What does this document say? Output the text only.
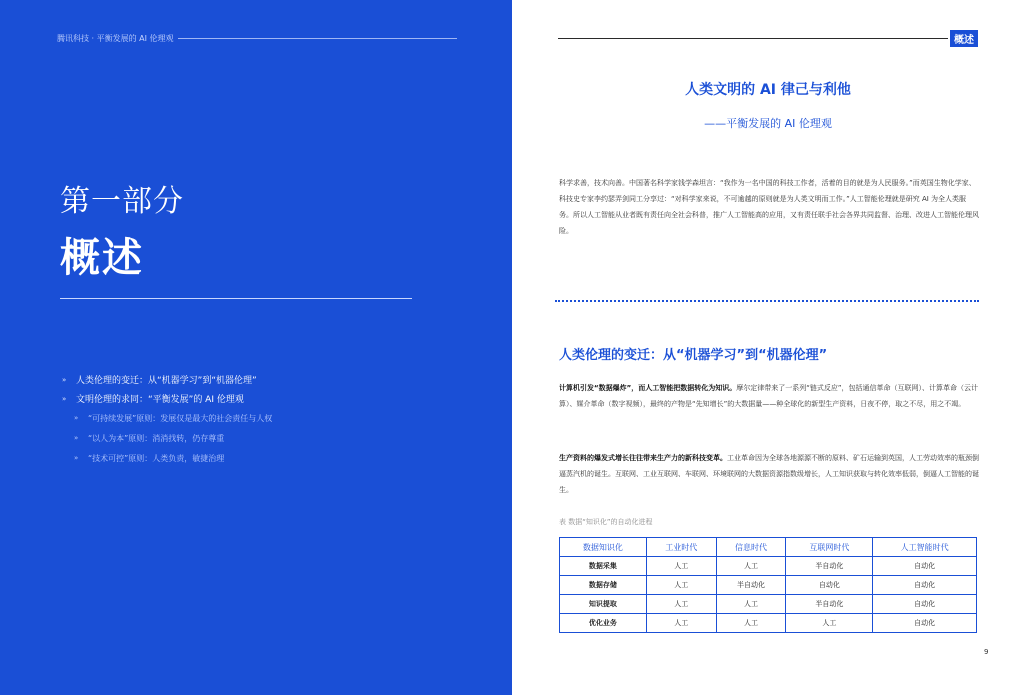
腾讯科技 · 平衡发展的 AI 伦理观
第一部分
概述
»	人类伦理的变迁：从“机器学习”到“机器伦理”
»	文明伦理的求同：“平衡发展”的 AI 伦理观
»	“可持续发展”原则：发展仅是最大的社会责任与人权
»	“以人为本”原则：消消找转，仍存尊重
»	“技术可控”原则：人类负责，敏捷治理
概述
人类文明的 AI 律己与利他
——平衡发展的 AI 伦理观

科学求善，技术向善。中国著名科学家钱学森坦言：“我作为一名中国的科技工作者，活着的目的就是为人民服务。”而英国生物化学家、科技史专家李约瑟弄剑同工分享过：“对科学家来说，不可逾越的原则就是为人类文明而工作。”人工智能伦理就是研究 AI 为全人类服务。所以人工智能从业者既有责任向全社会科普，推广人工智能高的应用，又有责任联手社会各界共同监督、治理、改进人工智能伦理风险。

人类伦理的变迁：从“机器学习”到“机器伦理”

计算机引发“数据爆炸”，而人工智能把数据转化为知识。摩尔定律带来了一系列“链式反应”，包括通信革命（互联网）、计算革命（云计算）、媒介革命（数字视频），最终的产物是“先知增长”的大数据量——种全球化的新型生产资料，日夜不停，取之不尽，用之不竭。

生产资料的爆发式增长往往带来生产力的新科技变革。工业革命因为全球各地源源不断的原料、矿石运输到英国，人工劳动效率的瓶颈倒逼蒸汽机的诞生。互联网、工业互联网、车联网、环境联网的大数据资源指数级增长，人工知识获取与转化效率低弱，倒逼人工智能的诞生。

表 数据“知识化”的自动化进程
数据知识化	工业时代	信息时代	互联网时代	人工智能时代
数据采集	人工	人工	半自动化	自动化
数据存储	人工	半自动化	自动化	自动化
知识提取	人工	人工	半自动化	自动化
优化业务	人工	人工	人工	自动化
9
